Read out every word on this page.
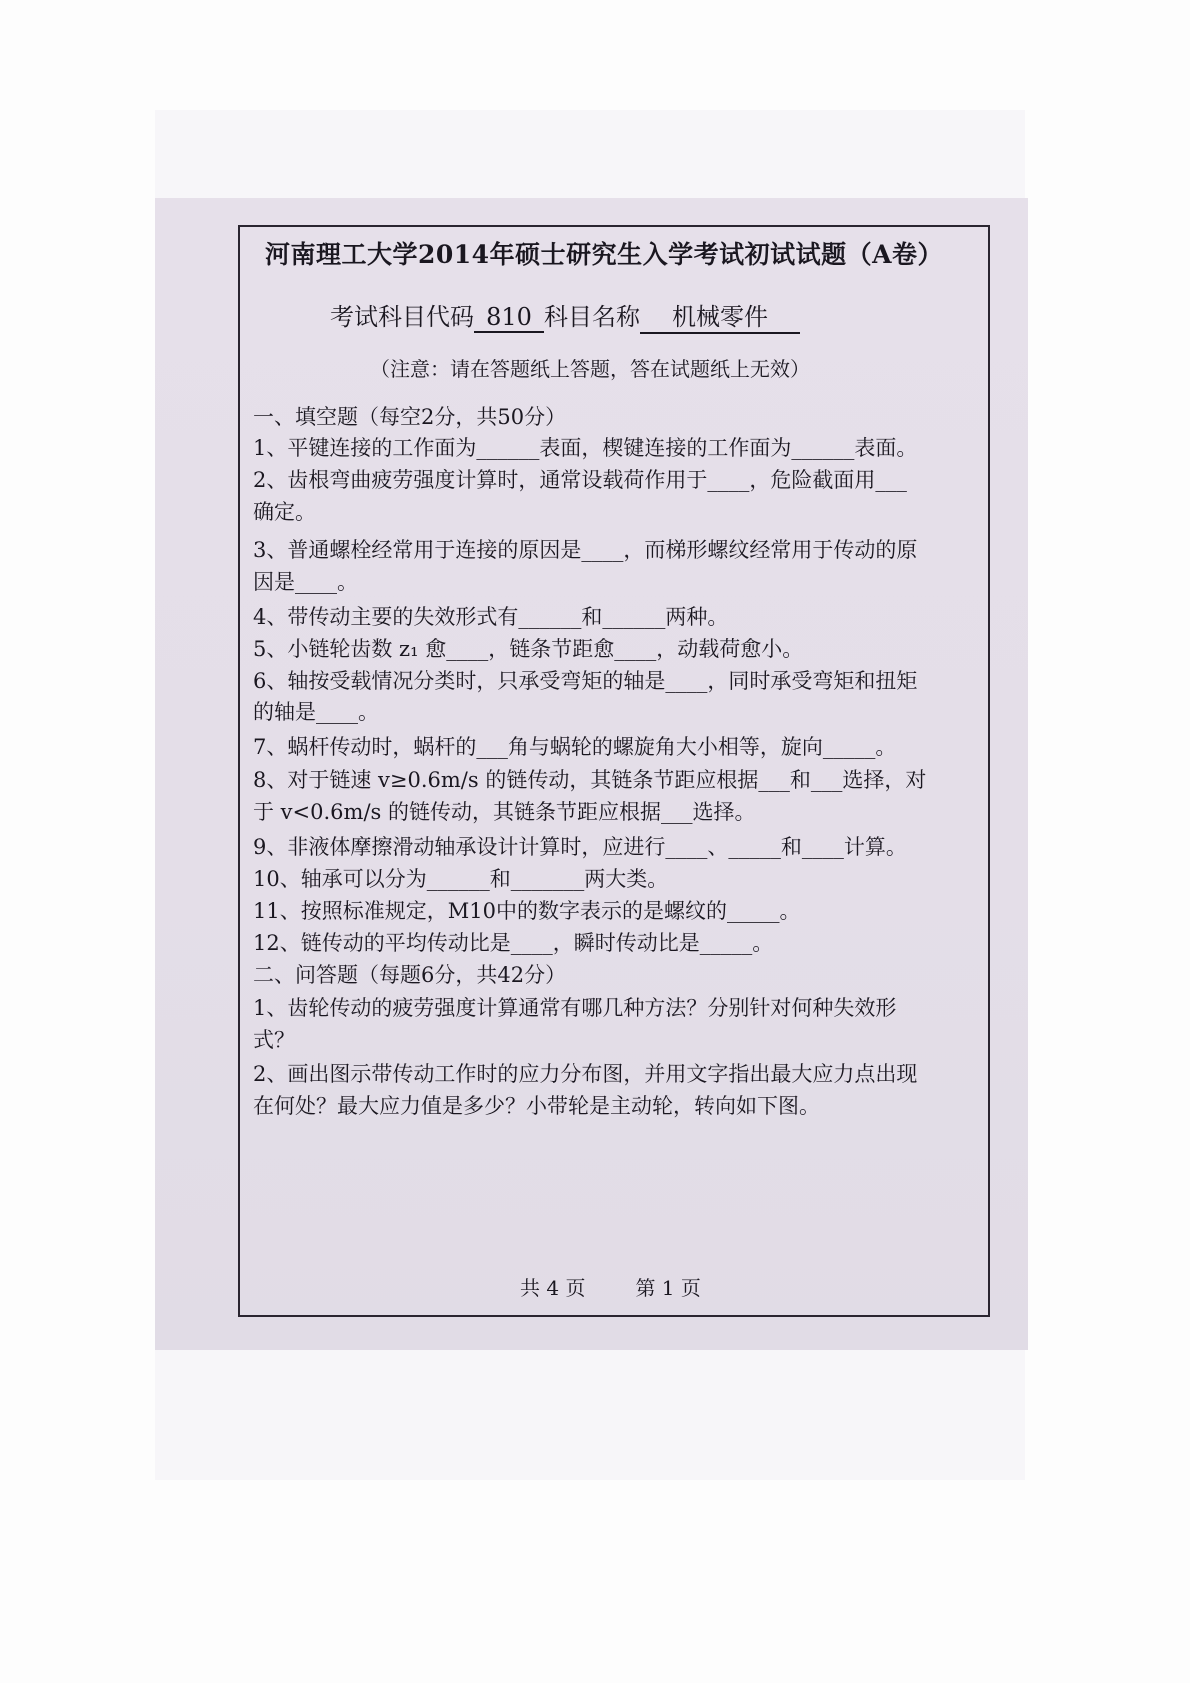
河南理工大学2014年硕士研究生入学考试初试试题（A卷）
考试科目代码 810 科目名称 机械零件
（注意：请在答题纸上答题，答在试题纸上无效）
一、填空题（每空2分，共50分）
1、平键连接的工作面为______表面，楔键连接的工作面为______表面。
2、齿根弯曲疲劳强度计算时，通常设载荷作用于____，危险截面用___
确定。
3、普通螺栓经常用于连接的原因是____，而梯形螺纹经常用于传动的原
因是____。
4、带传动主要的失效形式有______和______两种。
5、小链轮齿数 z₁ 愈____，链条节距愈____，动载荷愈小。
6、轴按受载情况分类时，只承受弯矩的轴是____，同时承受弯矩和扭矩
的轴是____。
7、蜗杆传动时，蜗杆的___角与蜗轮的螺旋角大小相等，旋向_____。
8、对于链速 v≥0.6m/s 的链传动，其链条节距应根据___和___选择，对
于 v<0.6m/s 的链传动，其链条节距应根据___选择。
9、非液体摩擦滑动轴承设计计算时，应进行____、_____和____计算。
10、轴承可以分为______和_______两大类。
11、按照标准规定，M10中的数字表示的是螺纹的_____。
12、链传动的平均传动比是____，瞬时传动比是_____。
二、问答题（每题6分，共42分）
1、齿轮传动的疲劳强度计算通常有哪几种方法？分别针对何种失效形
式？
2、画出图示带传动工作时的应力分布图，并用文字指出最大应力点出现
在何处？最大应力值是多少？小带轮是主动轮，转向如下图。
共 4 页	第 1 页
